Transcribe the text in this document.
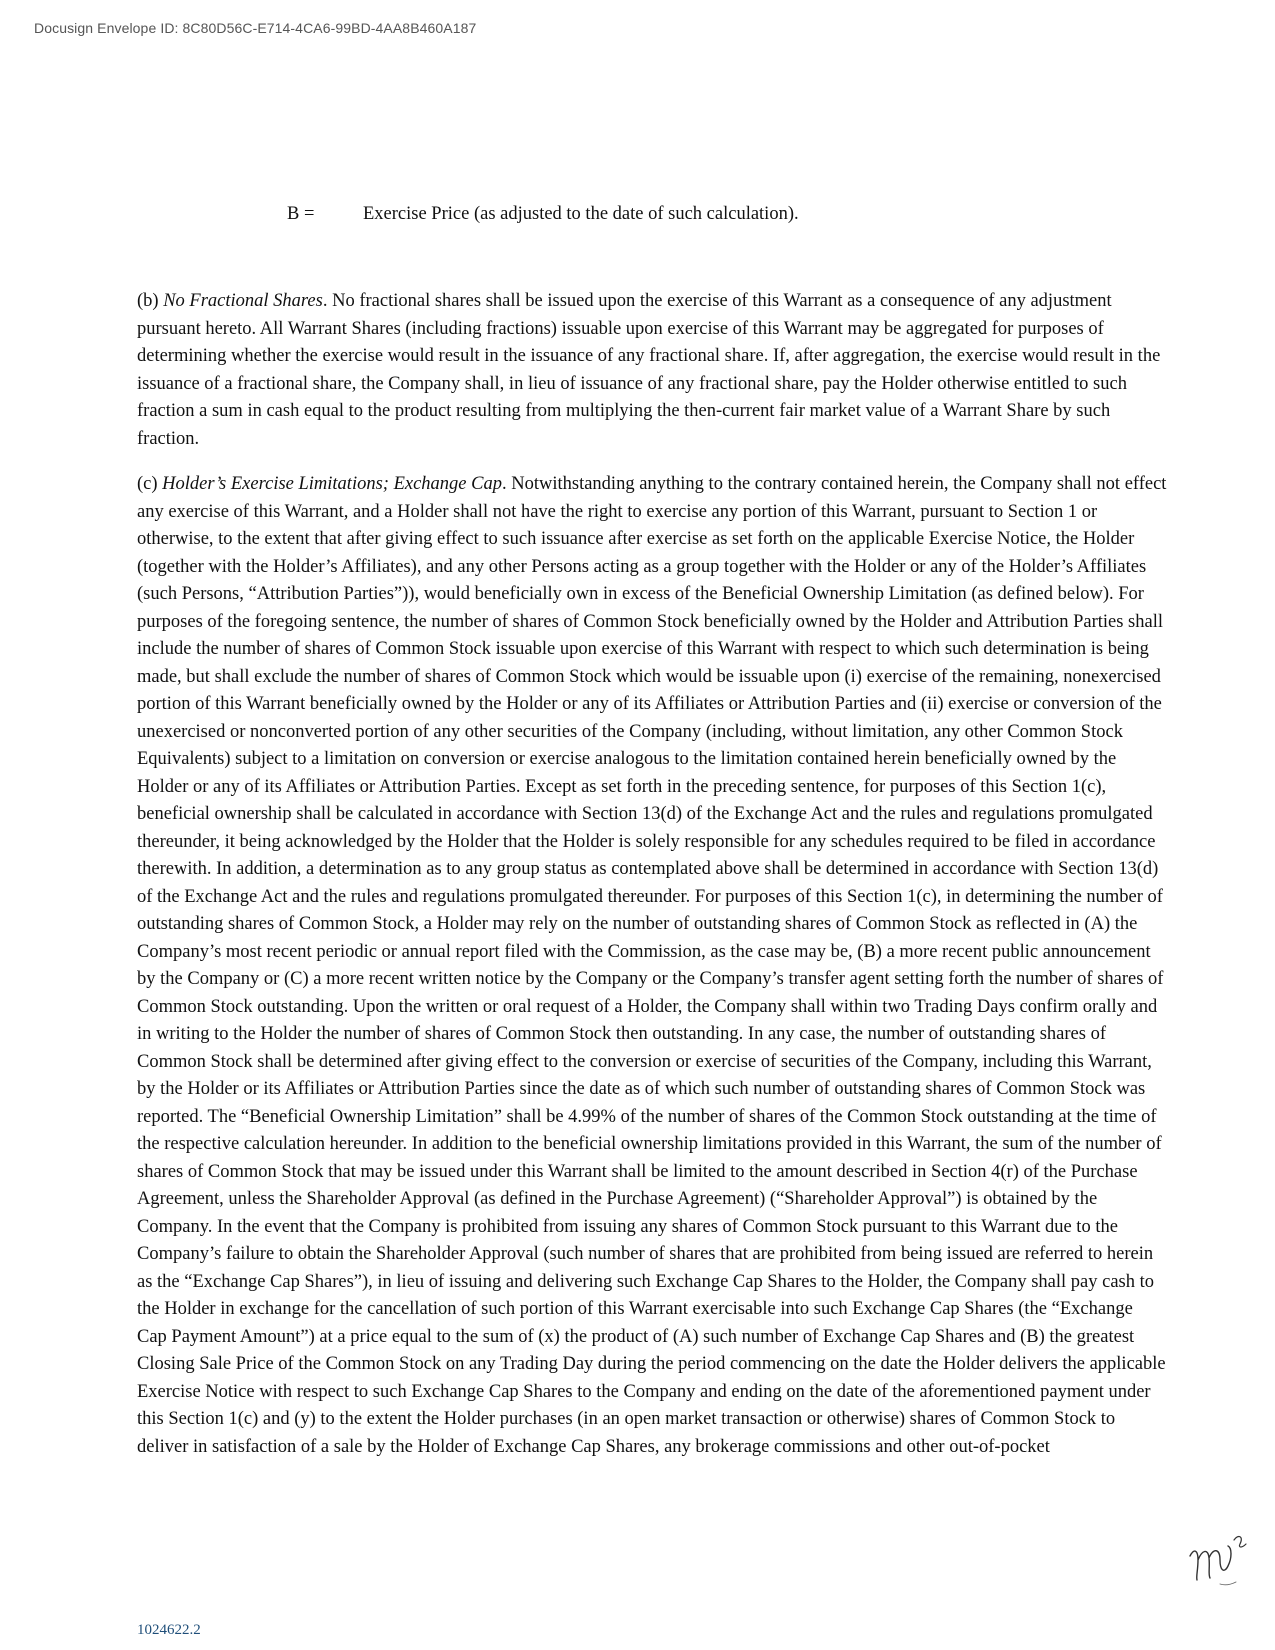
Docusign Envelope ID: 8C80D56C-E714-4CA6-99BD-4AA8B460A187
B =	Exercise Price (as adjusted to the date of such calculation).

(b) No Fractional Shares. No fractional shares shall be issued upon the exercise of this Warrant as a consequence of any adjustment pursuant hereto. All Warrant Shares (including fractions) issuable upon exercise of this Warrant may be aggregated for purposes of determining whether the exercise would result in the issuance of any fractional share. If, after aggregation, the exercise would result in the issuance of a fractional share, the Company shall, in lieu of issuance of any fractional share, pay the Holder otherwise entitled to such fraction a sum in cash equal to the product resulting from multiplying the then-current fair market value of a Warrant Share by such fraction.

(c) Holder’s Exercise Limitations; Exchange Cap. Notwithstanding anything to the contrary contained herein, the Company shall not effect any exercise of this Warrant, and a Holder shall not have the right to exercise any portion of this Warrant, pursuant to Section 1 or otherwise, to the extent that after giving effect to such issuance after exercise as set forth on the applicable Exercise Notice, the Holder (together with the Holder’s Affiliates), and any other Persons acting as a group together with the Holder or any of the Holder’s Affiliates (such Persons, “Attribution Parties”)), would beneficially own in excess of the Beneficial Ownership Limitation (as defined below). For purposes of the foregoing sentence, the number of shares of Common Stock beneficially owned by the Holder and Attribution Parties shall include the number of shares of Common Stock issuable upon exercise of this Warrant with respect to which such determination is being made, but shall exclude the number of shares of Common Stock which would be issuable upon (i) exercise of the remaining, nonexercised portion of this Warrant beneficially owned by the Holder or any of its Affiliates or Attribution Parties and (ii) exercise or conversion of the unexercised or nonconverted portion of any other securities of the Company (including, without limitation, any other Common Stock Equivalents) subject to a limitation on conversion or exercise analogous to the limitation contained herein beneficially owned by the Holder or any of its Affiliates or Attribution Parties. Except as set forth in the preceding sentence, for purposes of this Section 1(c), beneficial ownership shall be calculated in accordance with Section 13(d) of the Exchange Act and the rules and regulations promulgated thereunder, it being acknowledged by the Holder that the Holder is solely responsible for any schedules required to be filed in accordance therewith. In addition, a determination as to any group status as contemplated above shall be determined in accordance with Section 13(d) of the Exchange Act and the rules and regulations promulgated thereunder. For purposes of this Section 1(c), in determining the number of outstanding shares of Common Stock, a Holder may rely on the number of outstanding shares of Common Stock as reflected in (A) the Company’s most recent periodic or annual report filed with the Commission, as the case may be, (B) a more recent public announcement by the Company or (C) a more recent written notice by the Company or the Company’s transfer agent setting forth the number of shares of Common Stock outstanding. Upon the written or oral request of a Holder, the Company shall within two Trading Days confirm orally and in writing to the Holder the number of shares of Common Stock then outstanding. In any case, the number of outstanding shares of Common Stock shall be determined after giving effect to the conversion or exercise of securities of the Company, including this Warrant, by the Holder or its Affiliates or Attribution Parties since the date as of which such number of outstanding shares of Common Stock was reported. The “Beneficial Ownership Limitation” shall be 4.99% of the number of shares of the Common Stock outstanding at the time of the respective calculation hereunder. In addition to the beneficial ownership limitations provided in this Warrant, the sum of the number of shares of Common Stock that may be issued under this Warrant shall be limited to the amount described in Section 4(r) of the Purchase Agreement, unless the Shareholder Approval (as defined in the Purchase Agreement) (“Shareholder Approval”) is obtained by the Company. In the event that the Company is prohibited from issuing any shares of Common Stock pursuant to this Warrant due to the Company’s failure to obtain the Shareholder Approval (such number of shares that are prohibited from being issued are referred to herein as the “Exchange Cap Shares”), in lieu of issuing and delivering such Exchange Cap Shares to the Holder, the Company shall pay cash to the Holder in exchange for the cancellation of such portion of this Warrant exercisable into such Exchange Cap Shares (the “Exchange Cap Payment Amount”) at a price equal to the sum of (x) the product of (A) such number of Exchange Cap Shares and (B) the greatest Closing Sale Price of the Common Stock on any Trading Day during the period commencing on the date the Holder delivers the applicable Exercise Notice with respect to such Exchange Cap Shares to the Company and ending on the date of the aforementioned payment under this Section 1(c) and (y) to the extent the Holder purchases (in an open market transaction or otherwise) shares of Common Stock to deliver in satisfaction of a sale by the Holder of Exchange Cap Shares, any brokerage commissions and other out-of-pocket

1024622.2
